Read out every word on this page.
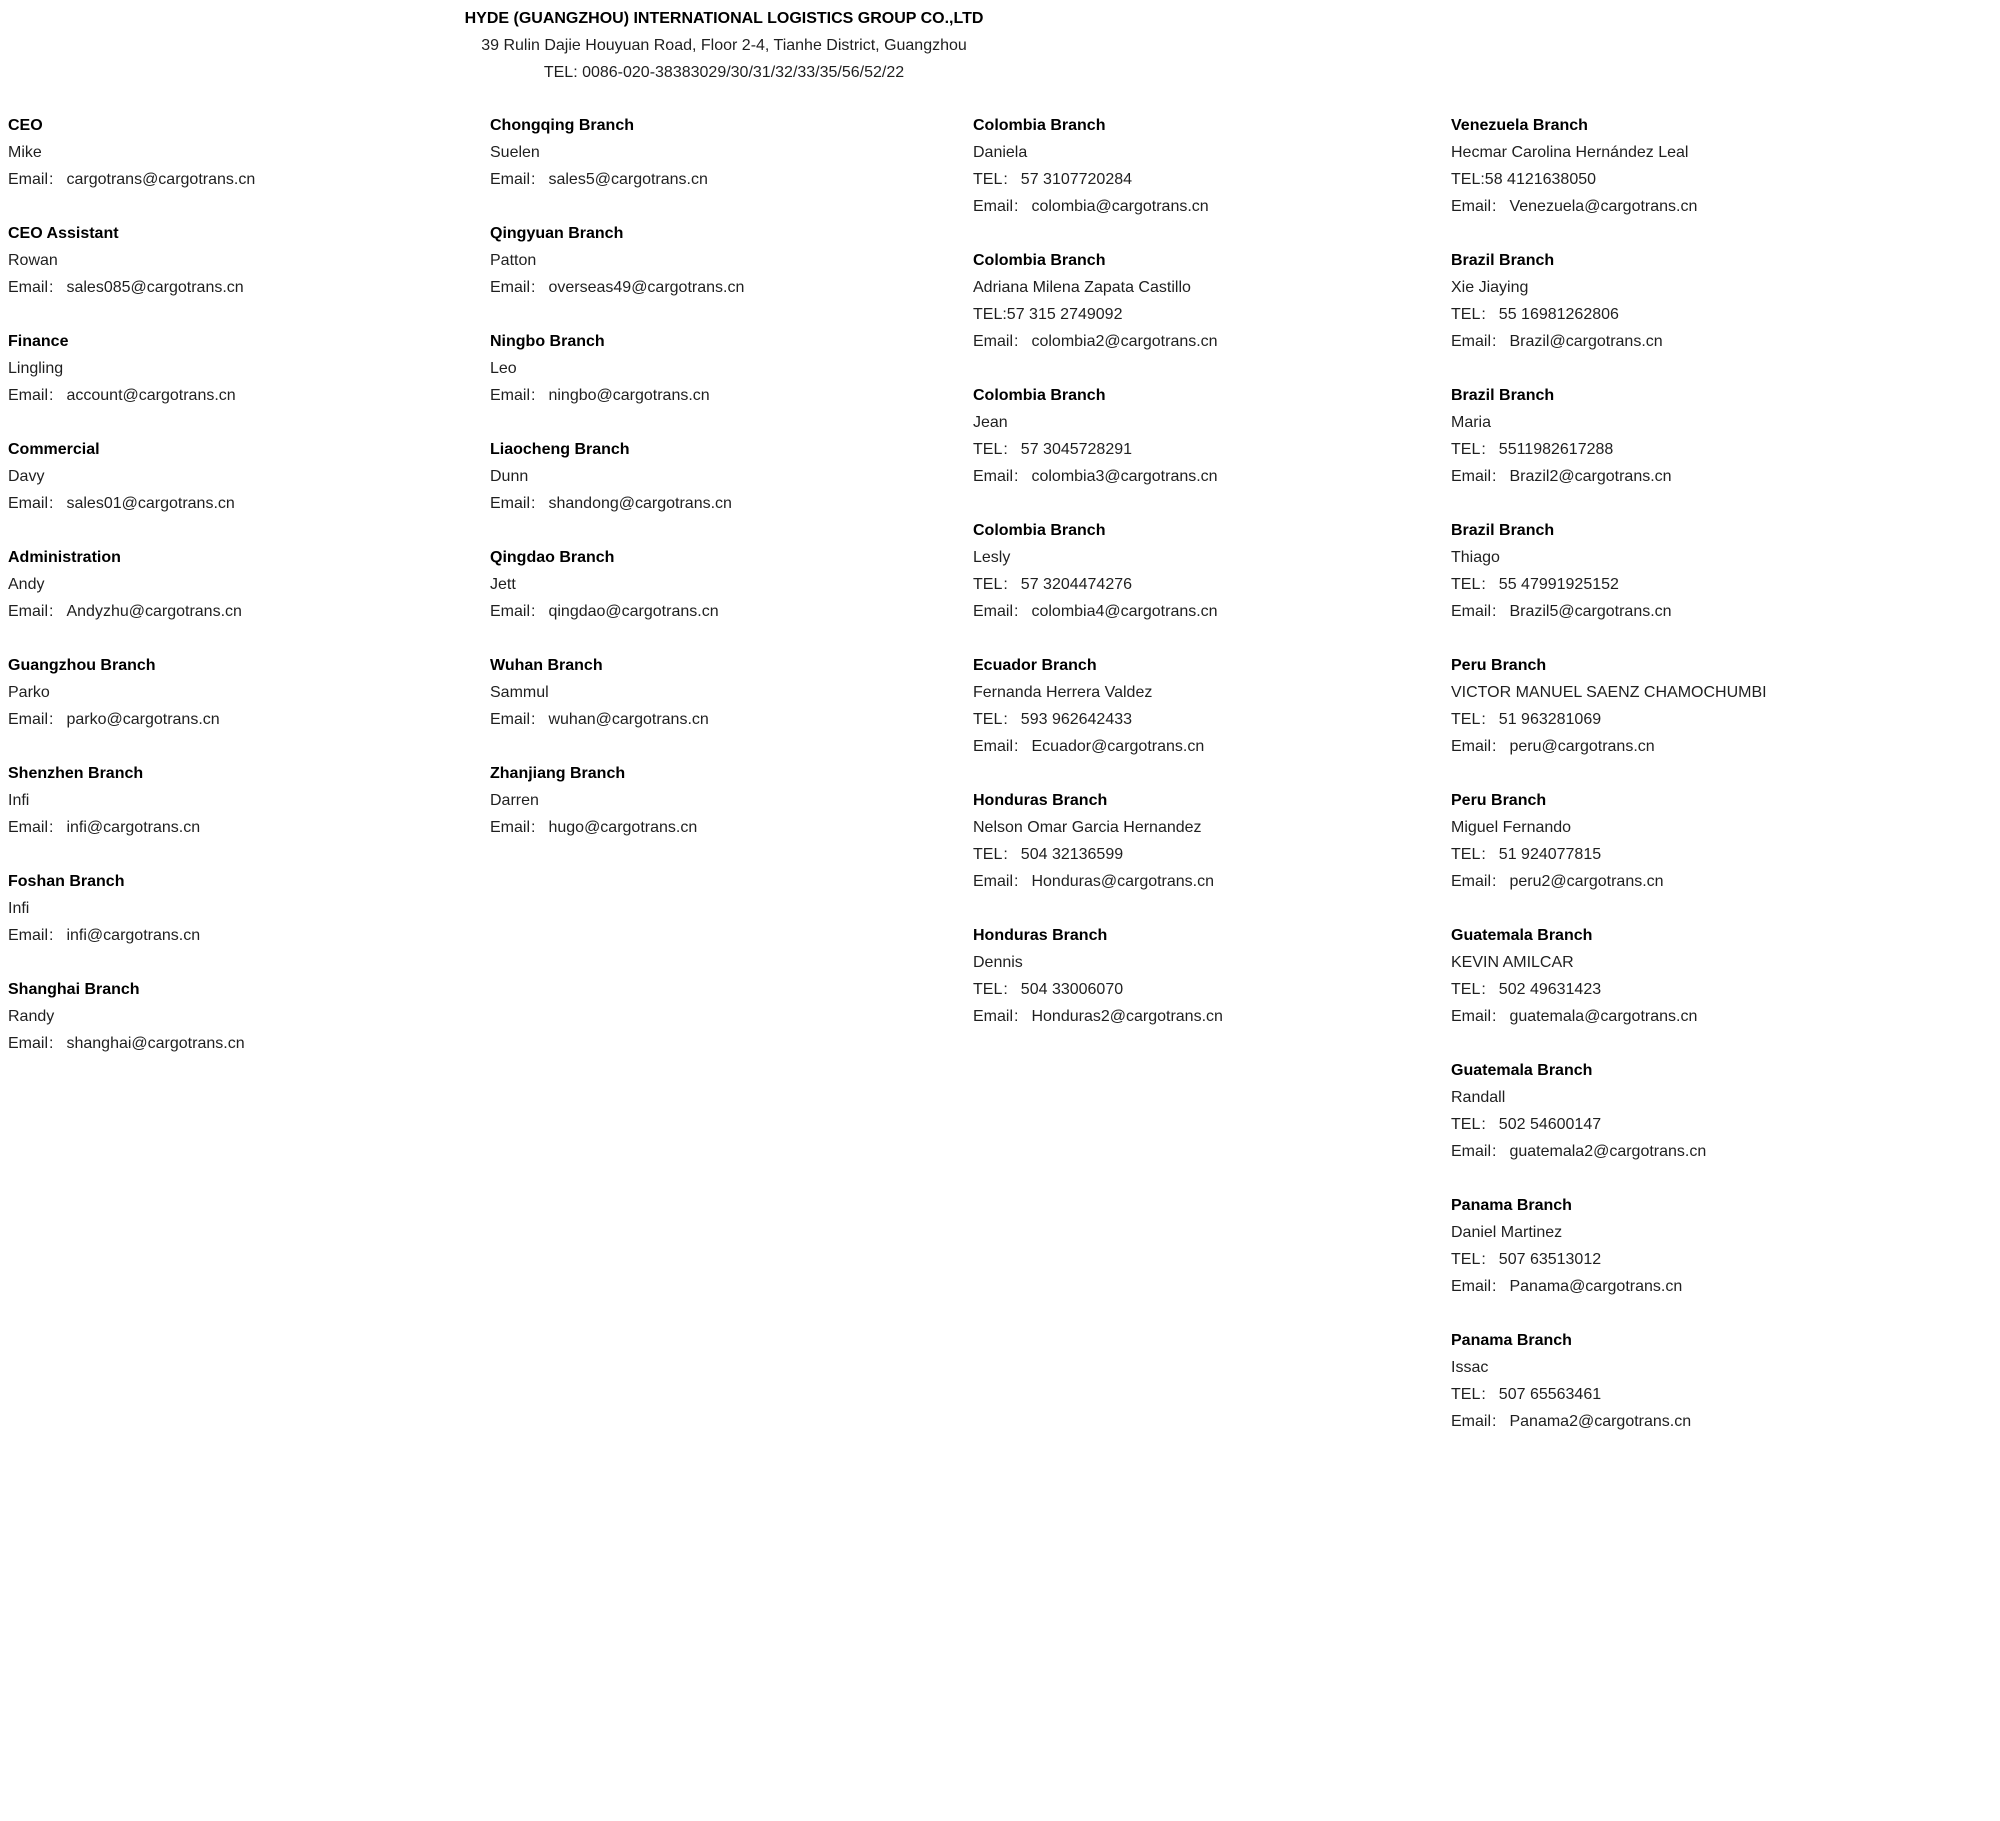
HYDE (GUANGZHOU) INTERNATIONAL LOGISTICS GROUP CO.,LTD
39 Rulin Dajie Houyuan Road, Floor 2-4, Tianhe District, Guangzhou
TEL: 0086-020-38383029/30/31/32/33/35/56/52/22
CEO
Mike
Email: cargotrans@cargotrans.cn
CEO Assistant
Rowan
Email: sales085@cargotrans.cn
Finance
Lingling
Email: account@cargotrans.cn
Commercial
Davy
Email: sales01@cargotrans.cn
Administration
Andy
Email: Andyzhu@cargotrans.cn
Guangzhou Branch
Parko
Email: parko@cargotrans.cn
Shenzhen Branch
Infi
Email: infi@cargotrans.cn
Foshan Branch
Infi
Email: infi@cargotrans.cn
Shanghai Branch
Randy
Email: shanghai@cargotrans.cn
Chongqing Branch
Suelen
Email: sales5@cargotrans.cn
Qingyuan Branch
Patton
Email: overseas49@cargotrans.cn
Ningbo Branch
Leo
Email: ningbo@cargotrans.cn
Liaocheng Branch
Dunn
Email: shandong@cargotrans.cn
Qingdao Branch
Jett
Email: qingdao@cargotrans.cn
Wuhan Branch
Sammul
Email: wuhan@cargotrans.cn
Zhanjiang Branch
Darren
Email: hugo@cargotrans.cn
Colombia Branch
Daniela
TEL: 57 3107720284
Email: colombia@cargotrans.cn
Colombia Branch
Adriana Milena Zapata Castillo
TEL:57 315 2749092
Email: colombia2@cargotrans.cn
Colombia Branch
Jean
TEL: 57 3045728291
Email: colombia3@cargotrans.cn
Colombia Branch
Lesly
TEL: 57 3204474276
Email: colombia4@cargotrans.cn
Ecuador Branch
Fernanda Herrera Valdez
TEL: 593 962642433
Email: Ecuador@cargotrans.cn
Honduras Branch
Nelson Omar Garcia Hernandez
TEL: 504 32136599
Email: Honduras@cargotrans.cn
Honduras Branch
Dennis
TEL: 504 33006070
Email: Honduras2@cargotrans.cn
Venezuela Branch
Hecmar Carolina Hernández Leal
TEL:58 4121638050
Email: Venezuela@cargotrans.cn
Brazil Branch
Xie Jiaying
TEL: 55 16981262806
Email: Brazil@cargotrans.cn
Brazil Branch
Maria
TEL: 5511982617288
Email: Brazil2@cargotrans.cn
Brazil Branch
Thiago
TEL: 55 47991925152
Email: Brazil5@cargotrans.cn
Peru Branch
VICTOR MANUEL SAENZ CHAMOCHUMBI
TEL: 51 963281069
Email: peru@cargotrans.cn
Peru Branch
Miguel Fernando
TEL: 51 924077815
Email: peru2@cargotrans.cn
Guatemala Branch
KEVIN AMILCAR
TEL: 502 49631423
Email: guatemala@cargotrans.cn
Guatemala Branch
Randall
TEL: 502 54600147
Email: guatemala2@cargotrans.cn
Panama Branch
Daniel Martinez
TEL: 507 63513012
Email: Panama@cargotrans.cn
Panama Branch
Issac
TEL: 507 65563461
Email: Panama2@cargotrans.cn
